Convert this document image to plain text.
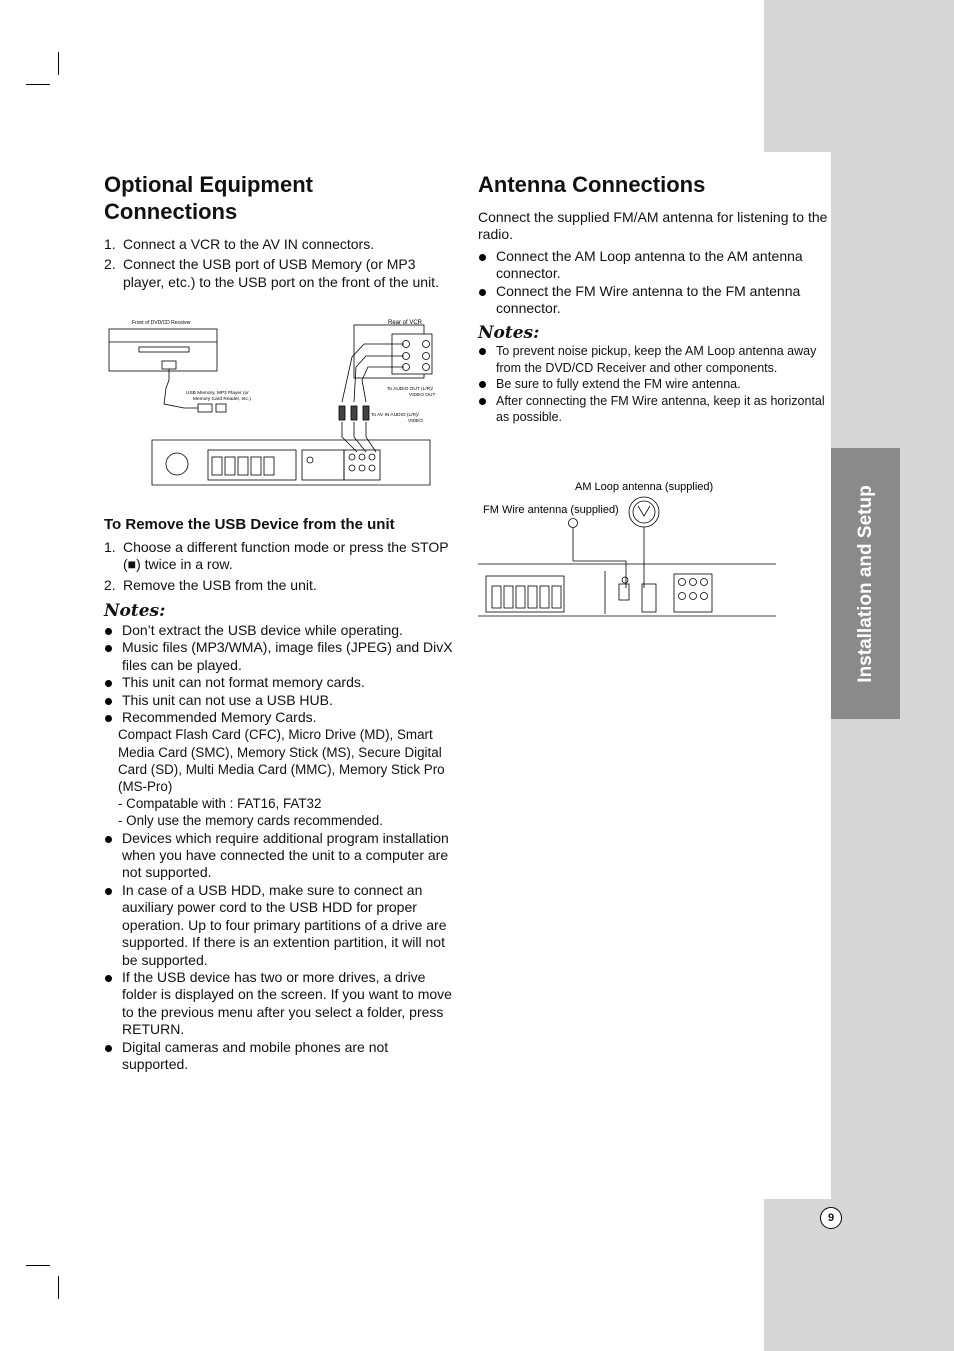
Installation and Setup
9
Optional Equipment
Connections
1. Connect a VCR to the AV IN connectors.
2. Connect the USB port of USB Memory (or MP3 player, etc.) to the USB port on the front of the unit.
Front of DVD/CD Receiver	Rear of VCR
USB Memory, MP3 Player (or
Memory Card Reader, etc.)
To AUDIO OUT (L/R)/
VIDEO OUT
To AV IN AUDIO (L/R)/
VIDEO
To Remove the USB Device from the unit
1. Choose a different function mode or press the STOP (■) twice in a row.
2. Remove the USB from the unit.
Notes:
Don’t extract the USB device while operating.
Music files (MP3/WMA), image files (JPEG) and DivX files can be played.
This unit can not format memory cards.
This unit can not use a USB HUB.
Recommended Memory Cards.

Compact Flash Card (CFC), Micro Drive (MD), Smart Media Card (SMC), Memory Stick (MS), Secure Digital Card (SD), Multi Media Card (MMC), Memory Stick Pro (MS-Pro)

- Compatable with : FAT16, FAT32

- Only use the memory cards recommended.

Devices which require additional program installation when you have connected the unit to a computer are not supported.
In case of a USB HDD, make sure to connect an auxiliary power cord to the USB HDD for proper operation. Up to four primary partitions of a drive are supported. If there is an extention partition, it will not be supported.
If the USB device has two or more drives, a drive folder is displayed on the screen. If you want to move to the previous menu after you select a folder, press RETURN.
Digital cameras and mobile phones are not supported.
Antenna Connections

Connect the supplied FM/AM antenna for listening to the radio.

Connect the AM Loop antenna to the AM antenna connector.
Connect the FM Wire antenna to the FM antenna connector.
Notes:
To prevent noise pickup, keep the AM Loop antenna away from the DVD/CD Receiver and other components.
Be sure to fully extend the FM wire antenna.
After connecting the FM Wire antenna, keep it as horizontal as possible.
AM Loop antenna (supplied)
FM Wire antenna (supplied)
